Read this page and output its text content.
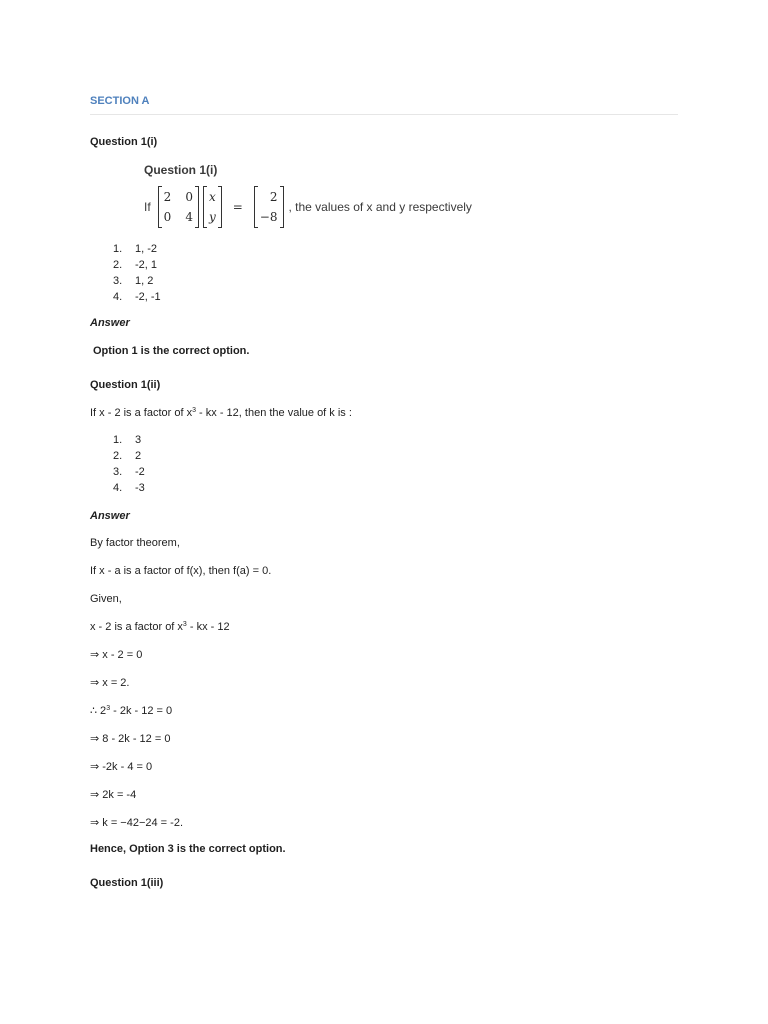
SECTION A
Question 1(i)
Question 1(i)
If
2 0
0 4
x
y
=
2
−8
, the values of x and y respectively
1. 1, -2
2. -2, 1
3. 1, 2
4. -2, -1
Answer
Option 1 is the correct option.
Question 1(ii)
If x - 2 is a factor of $x^3$ - kx - 12, then the value of k is :
1. 3
2. 2
3. -2
4. -3
Answer
By factor theorem,
If x - a is a factor of f(x), then f(a) = 0.
Given,
x - 2 is a factor of $x^3$ - kx - 12
⇒ x - 2 = 0
⇒ x = 2.
∴ $2^3 - 2k - 12 = 0$
⇒ 8 - 2k - 12 = 0
⇒ -2k - 4 = 0
⇒ 2k = -4
⇒ k = −42−24 = -2.
Hence, Option 3 is the correct option.
Question 1(iii)
